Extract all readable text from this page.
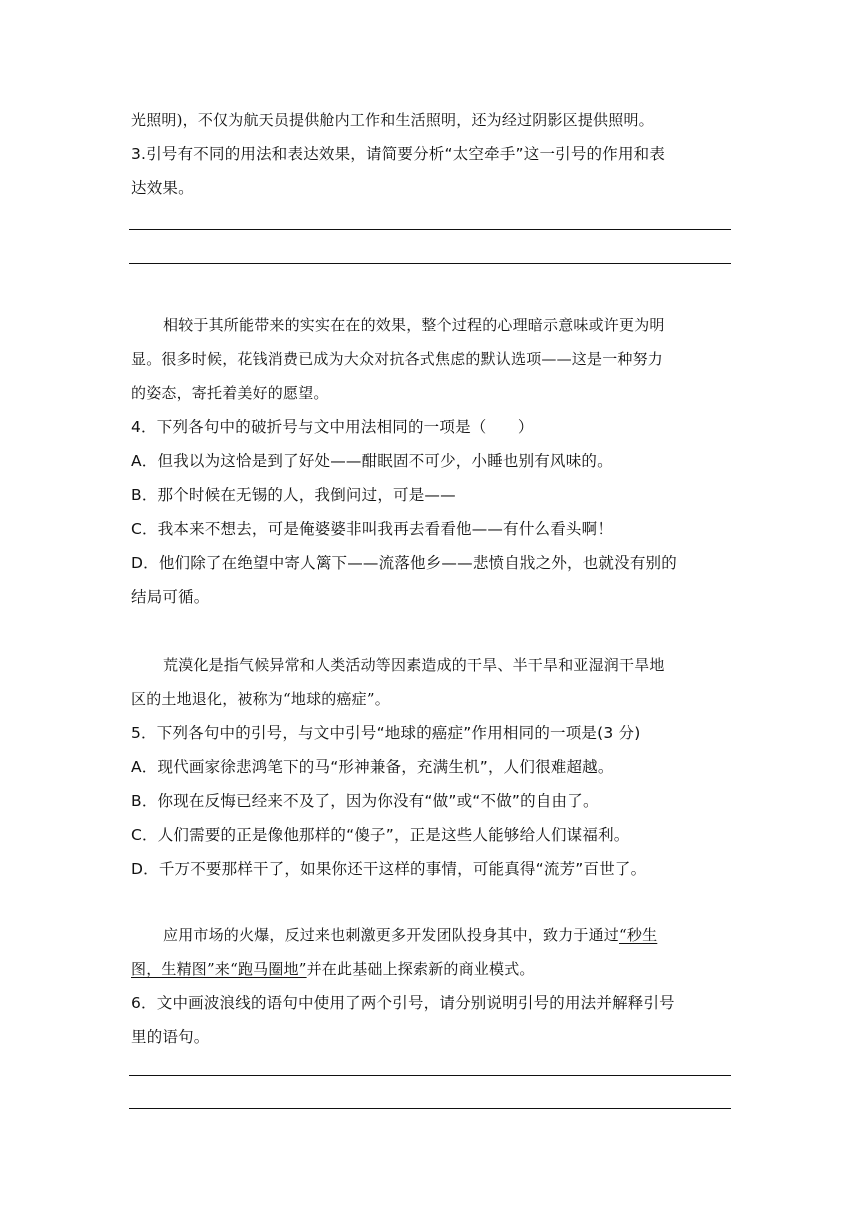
光照明)，不仅为航天员提供舱内工作和生活照明，还为经过阴影区提供照明。
3.引号有不同的用法和表达效果，请简要分析“太空牵手”这一引号的作用和表
达效果。
相较于其所能带来的实实在在的效果，整个过程的心理暗示意味或许更为明
显。很多时候，花钱消费已成为大众对抗各式焦虑的默认选项——这是一种努力
的姿态，寄托着美好的愿望。
4．下列各句中的破折号与文中用法相同的一项是（　　）
A．但我以为这恰是到了好处——酣眠固不可少，小睡也别有风味的。
B．那个时候在无锡的人，我倒问过，可是——
C．我本来不想去，可是俺婆婆非叫我再去看看他——有什么看头啊！
D．他们除了在绝望中寄人篱下——流落他乡——悲愤自戕之外，也就没有别的
结局可循。
荒漠化是指气候异常和人类活动等因素造成的干旱、半干旱和亚湿润干旱地
区的土地退化，被称为“地球的癌症”。
5．下列各句中的引号，与文中引号“地球的癌症”作用相同的一项是(3 分)
A．现代画家徐悲鸿笔下的马“形神兼备，充满生机”，人们很难超越。
B．你现在反悔已经来不及了，因为你没有“做”或“不做”的自由了。
C．人们需要的正是像他那样的“傻子”，正是这些人能够给人们谋福利。
D．千万不要那样干了，如果你还干这样的事情，可能真得“流芳”百世了。
应用市场的火爆，反过来也刺激更多开发团队投身其中，致力于通过“秒生
图，生精图”来“跑马圈地”并在此基础上探索新的商业模式。
6．文中画波浪线的语句中使用了两个引号，请分别说明引号的用法并解释引号
里的语句。
